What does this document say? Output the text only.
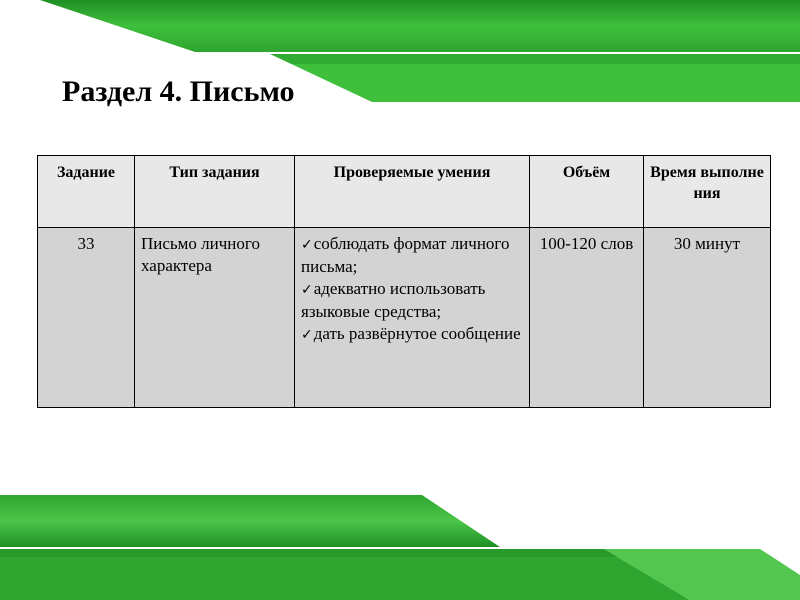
Раздел 4. Письмо
Задание	Тип задания	Проверяемые умения	Объём	Время выполнения
33	Письмо личного характера	✓соблюдать формат личного письма;
✓адекватно использовать языковые средства;
✓дать развёрнутое сообщение	100-120 слов	30 минут
